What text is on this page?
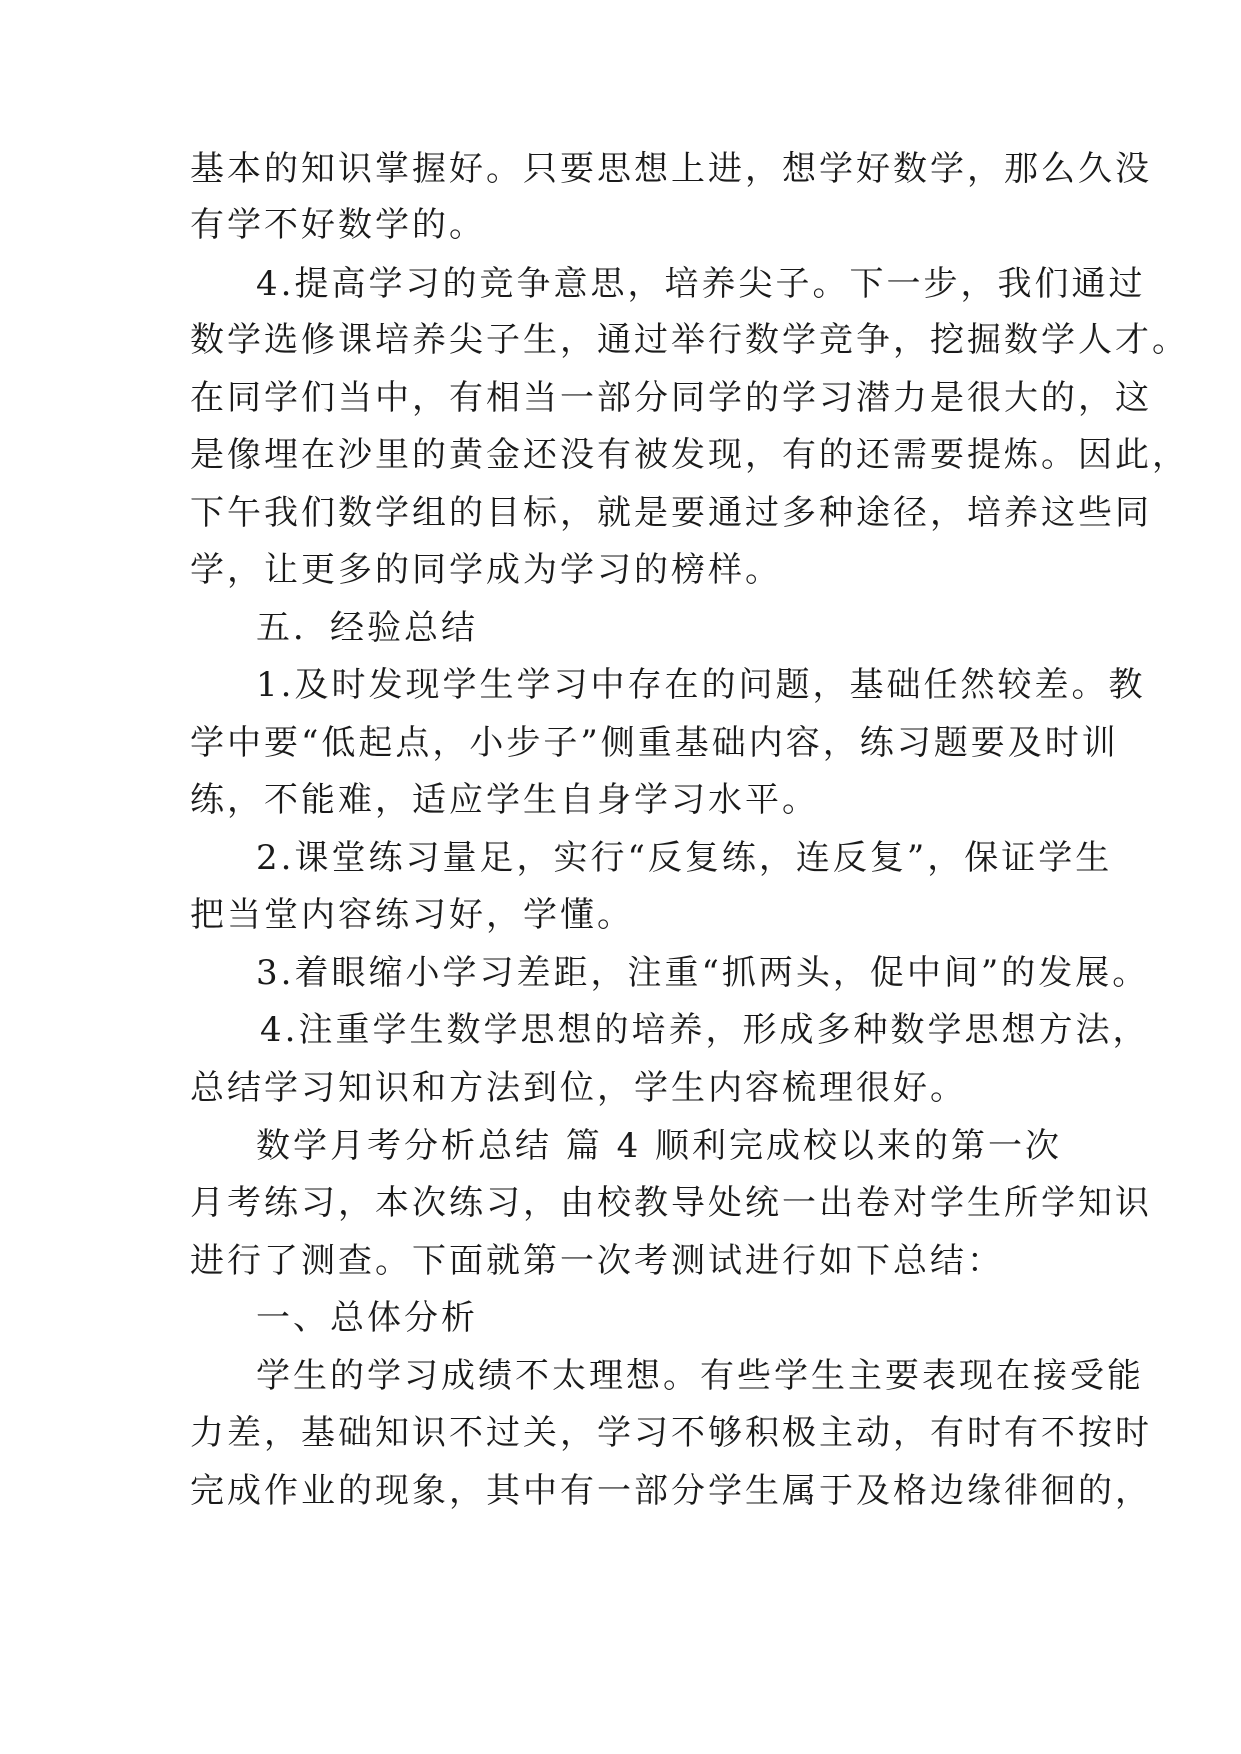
基本的知识掌握好。只要思想上进，想学好数学，那么久没
有学不好数学的。
4.提高学习的竞争意思，培养尖子。下一步，我们通过
数学选修课培养尖子生，通过举行数学竞争，挖掘数学人才。
在同学们当中，有相当一部分同学的学习潜力是很大的，这
是像埋在沙里的黄金还没有被发现，有的还需要提炼。因此，
下午我们数学组的目标，就是要通过多种途径，培养这些同
学，让更多的同学成为学习的榜样。
五．经验总结
1.及时发现学生学习中存在的问题，基础任然较差。教
学中要“低起点，小步子”侧重基础内容，练习题要及时训
练，不能难，适应学生自身学习水平。
2.课堂练习量足，实行“反复练，连反复”，保证学生
把当堂内容练习好，学懂。
3.着眼缩小学习差距，注重“抓两头，促中间”的发展。
4.注重学生数学思想的培养，形成多种数学思想方法，
总结学习知识和方法到位，学生内容梳理很好。
数学月考分析总结 篇 4 顺利完成校以来的第一次
月考练习，本次练习，由校教导处统一出卷对学生所学知识
进行了测查。下面就第一次考测试进行如下总结：
一、总体分析
学生的学习成绩不太理想。有些学生主要表现在接受能
力差，基础知识不过关，学习不够积极主动，有时有不按时
完成作业的现象，其中有一部分学生属于及格边缘徘徊的，
